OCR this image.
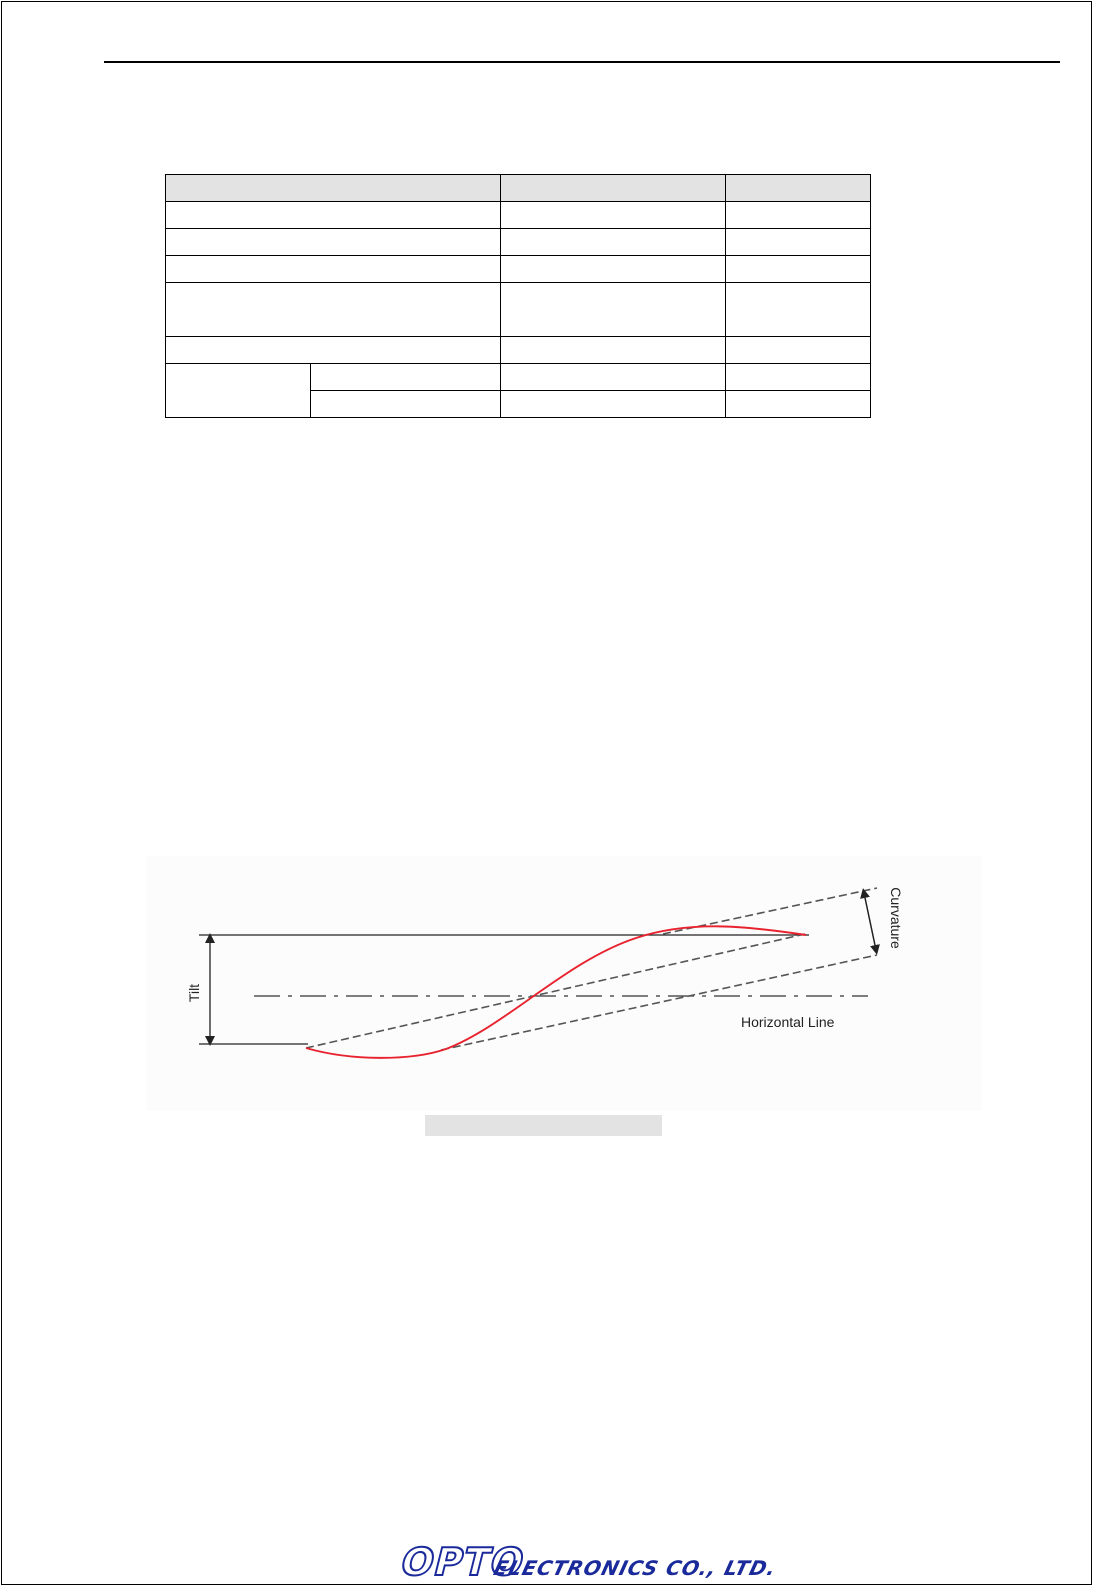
Tilt
Curvature
Horizontal Line
OPTO
ELECTRONICS CO., LTD.
